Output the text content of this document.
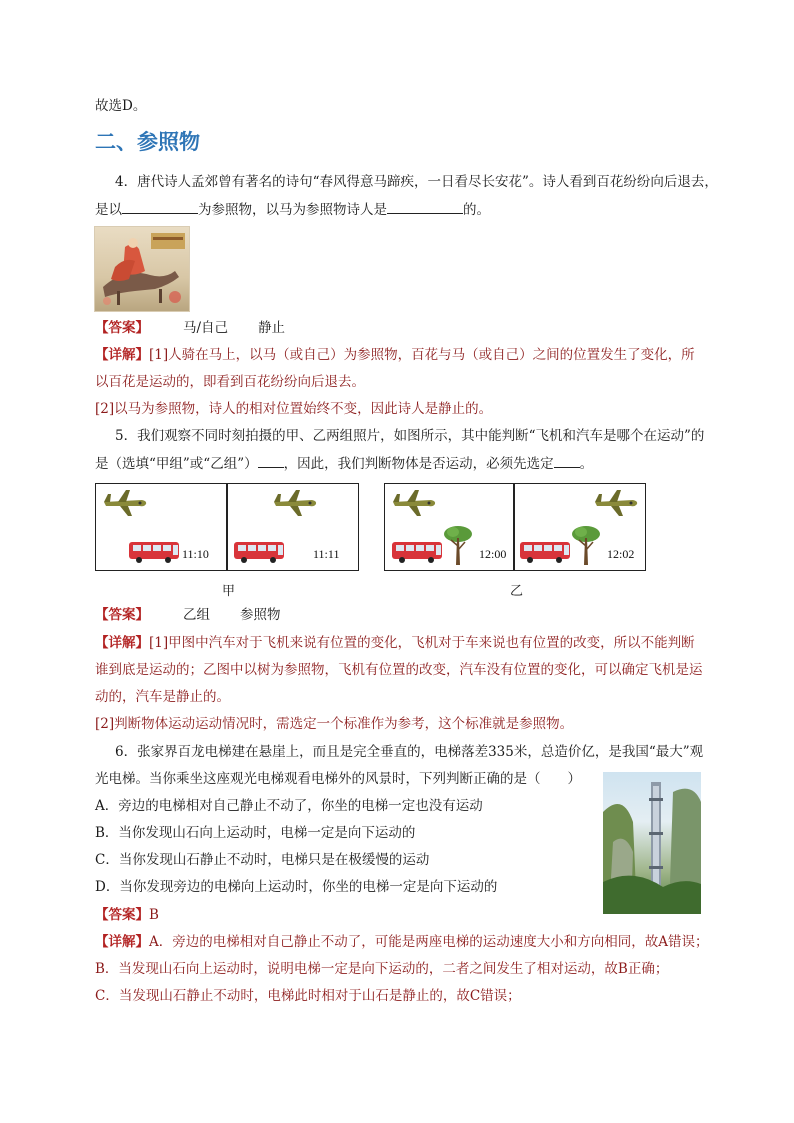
故选D。
二、参照物
4．唐代诗人孟郊曾有著名的诗句“春风得意马蹄疾，一日看尽长安花”。诗人看到百花纷纷向后退去，
是以	为参照物，以马为参照物诗人是	的。
【答案】	马/自己 静止
【详解】[1]人骑在马上，以马（或自己）为参照物，百花与马（或自己）之间的位置发生了变化，所
以百花是运动的，即看到百花纷纷向后退去。
[2]以马为参照物，诗人的相对位置始终不变，因此诗人是静止的。
5．我们观察不同时刻拍摄的甲、乙两组照片，如图所示，其中能判断“飞机和汽车是哪个在运动”的
是（选填“甲组”或“乙组”） ，因此，我们判断物体是否运动，必须先选定 。
11:10	11:11
甲
12:00	12:02
乙
【答案】	乙组 参照物
【详解】[1]甲图中汽车对于飞机来说有位置的变化，飞机对于车来说也有位置的改变，所以不能判断
谁到底是运动的；乙图中以树为参照物，飞机有位置的改变，汽车没有位置的变化，可以确定飞机是运
动的，汽车是静止的。
[2]判断物体运动运动情况时，需选定一个标准作为参考，这个标准就是参照物。
6．张家界百龙电梯建在悬崖上，而且是完全垂直的，电梯落差335米，总造价亿，是我国“最大”观
光电梯。当你乘坐这座观光电梯观看电梯外的风景时，下列判断正确的是（　　）
A．旁边的电梯相对自己静止不动了，你坐的电梯一定也没有运动
B．当你发现山石向上运动时，电梯一定是向下运动的
C．当你发现山石静止不动时，电梯只是在极缓慢的运动
D．当你发现旁边的电梯向上运动时，你坐的电梯一定是向下运动的
【答案】B
【详解】A．旁边的电梯相对自己静止不动了，可能是两座电梯的运动速度大小和方向相同，故A错误；
B．当发现山石向上运动时，说明电梯一定是向下运动的，二者之间发生了相对运动，故B正确；
C．当发现山石静止不动时，电梯此时相对于山石是静止的，故C错误；
